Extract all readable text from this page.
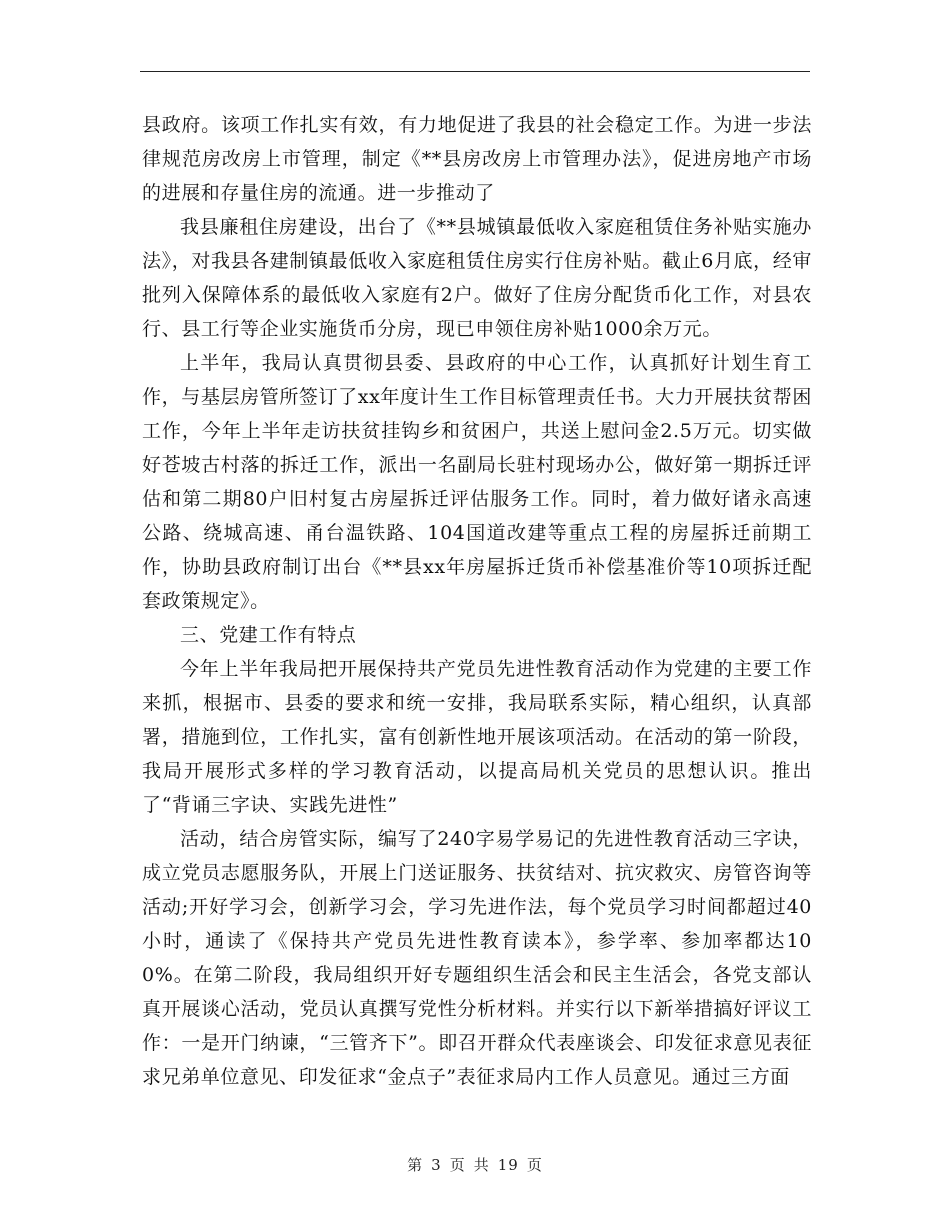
县政府。该项工作扎实有效，有力地促进了我县的社会稳定工作。为进一步法律规范房改房上市管理，制定《**县房改房上市管理办法》，促进房地产市场的进展和存量住房的流通。进一步推动了

我县廉租住房建设，出台了《**县城镇最低收入家庭租赁住务补贴实施办法》，对我县各建制镇最低收入家庭租赁住房实行住房补贴。截止6月底，经审批列入保障体系的最低收入家庭有2户。做好了住房分配货币化工作，对县农行、县工行等企业实施货币分房，现已申领住房补贴1000余万元。

上半年，我局认真贯彻县委、县政府的中心工作，认真抓好计划生育工作，与基层房管所签订了xx年度计生工作目标管理责任书。大力开展扶贫帮困工作，今年上半年走访扶贫挂钩乡和贫困户，共送上慰问金2.5万元。切实做好苍坡古村落的拆迁工作，派出一名副局长驻村现场办公，做好第一期拆迁评估和第二期80户旧村复古房屋拆迁评估服务工作。同时，着力做好诸永高速公路、绕城高速、甬台温铁路、104国道改建等重点工程的房屋拆迁前期工作，协助县政府制订出台《**县xx年房屋拆迁货币补偿基准价等10项拆迁配套政策规定》。

三、党建工作有特点

今年上半年我局把开展保持共产党员先进性教育活动作为党建的主要工作来抓，根据市、县委的要求和统一安排，我局联系实际，精心组织，认真部署，措施到位，工作扎实，富有创新性地开展该项活动。在活动的第一阶段，我局开展形式多样的学习教育活动，以提高局机关党员的思想认识。推出了“背诵三字诀、实践先进性”

活动，结合房管实际，编写了240字易学易记的先进性教育活动三字诀，成立党员志愿服务队，开展上门送证服务、扶贫结对、抗灾救灾、房管咨询等活动;开好学习会，创新学习会，学习先进作法，每个党员学习时间都超过40小时，通读了《保持共产党员先进性教育读本》，参学率、参加率都达100%。在第二阶段，我局组织开好专题组织生活会和民主生活会，各党支部认真开展谈心活动，党员认真撰写党性分析材料。并实行以下新举措搞好评议工作：一是开门纳谏，“三管齐下”。即召开群众代表座谈会、印发征求意见表征求兄弟单位意见、印发征求“金点子”表征求局内工作人员意见。通过三方面

第 3 页 共 19 页
